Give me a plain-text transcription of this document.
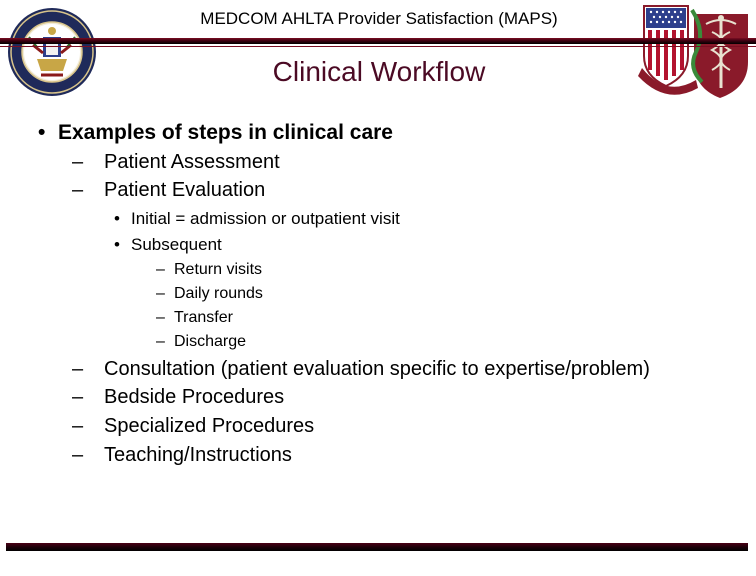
MEDCOM AHLTA Provider Satisfaction (MAPS)
Clinical Workflow
• Examples of steps in clinical care
– Patient Assessment
– Patient Evaluation
• Initial = admission or outpatient visit
• Subsequent
– Return visits
– Daily rounds
– Transfer
– Discharge
– Consultation (patient evaluation specific to expertise/problem)
– Bedside Procedures
– Specialized Procedures
– Teaching/Instructions
